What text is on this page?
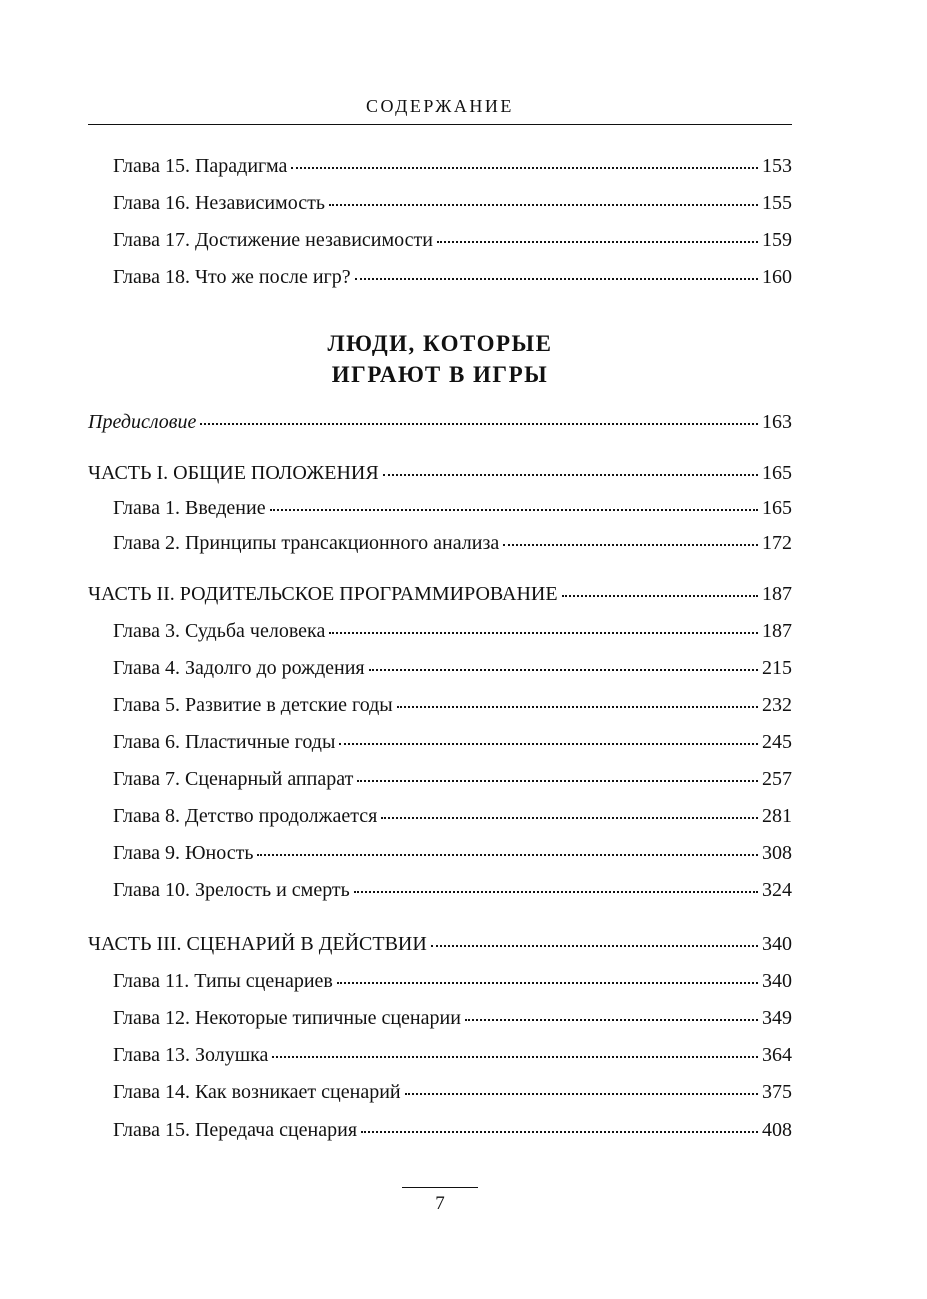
СОДЕРЖАНИЕ
Глава 15. Парадигма	153
Глава 16. Независимость	155
Глава 17. Достижение независимости	159
Глава 18. Что же после игр?	160
ЛЮДИ, КОТОРЫЕ
ИГРАЮТ В ИГРЫ
Предисловие	163
ЧАСТЬ I. ОБЩИЕ ПОЛОЖЕНИЯ	165
Глава 1. Введение	165
Глава 2. Принципы трансакционного анализа	172
ЧАСТЬ II. РОДИТЕЛЬСКОЕ ПРОГРАММИРОВАНИЕ	187
Глава 3. Судьба человека	187
Глава 4. Задолго до рождения	215
Глава 5. Развитие в детские годы	232
Глава 6. Пластичные годы	245
Глава 7. Сценарный аппарат	257
Глава 8. Детство продолжается	281
Глава 9. Юность	308
Глава 10. Зрелость и смерть	324
ЧАСТЬ III. СЦЕНАРИЙ В ДЕЙСТВИИ	340
Глава 11. Типы сценариев	340
Глава 12. Некоторые типичные сценарии	349
Глава 13. Золушка	364
Глава 14. Как возникает сценарий	375
Глава 15. Передача сценария	408
7
